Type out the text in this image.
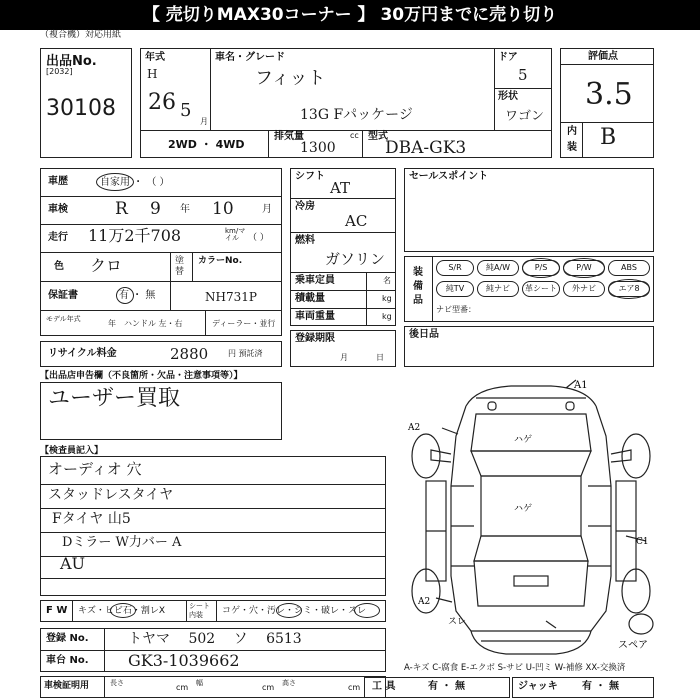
【 売切りMAX30コーナー 】 30万円までに売り切り
（複合機）対応用紙
出品No.
[2032]
30108
年式
H
26 5
月
車名・グレード
フィット
13G Fパッケージ
ドア
5
形状
ワゴン
2WD ・ 4WD
排気量
1300
cc 型式
DBA-GK3
評価点
3.5
内
装 B
車歴	自家用 ・ （ ）
車検	R 9 年 10	月
走行 11万2千708	km/マイル	（ ）
色 クロ	塗替
カラーNo.
NH731P
保証書	有 ・ 無
モデル年式	年　ハンドル 左・右	ディーラー・並行
リサイクル料金	2880 円 預託済
シフト
AT
冷房
AC
燃料
ガソリン
乗車定員	名
積載量	kg
車両重量	kg
登録期限
月日
セールスポイント
装備品
S/R	純A/W	P/S	P/W	ABS
純TV	純ナビ	革シート	外ナビ	エア8
ナビ型番：
後日品
【出品店申告欄（不良箇所・欠品・注意事項等）】
ユーザー買取
【検査員記入】
オーディオ 穴
スタッドレスタイヤ
Fタイヤ 山5
Dミラー W力バー A
AU
F W キズ・ヒビ石・割レX	シート内装	コゲ・穴・汚レ・シミ・破レ・スレ
登録 No.	トヤマ 502 ソ 6513
車台 No. GK3-1039662
車検証明用	長さ	cm 幅	cm 高さ	cm
A-キズ C-腐食 E-エクボ S-サビ U-凹ミ W-補修 XX-交換済
工 具	有 ・ 無	ジャッキ 有 ・ 無
A1
A2
ハゲ
ハゲ
C1
A2
スレ
スペア
